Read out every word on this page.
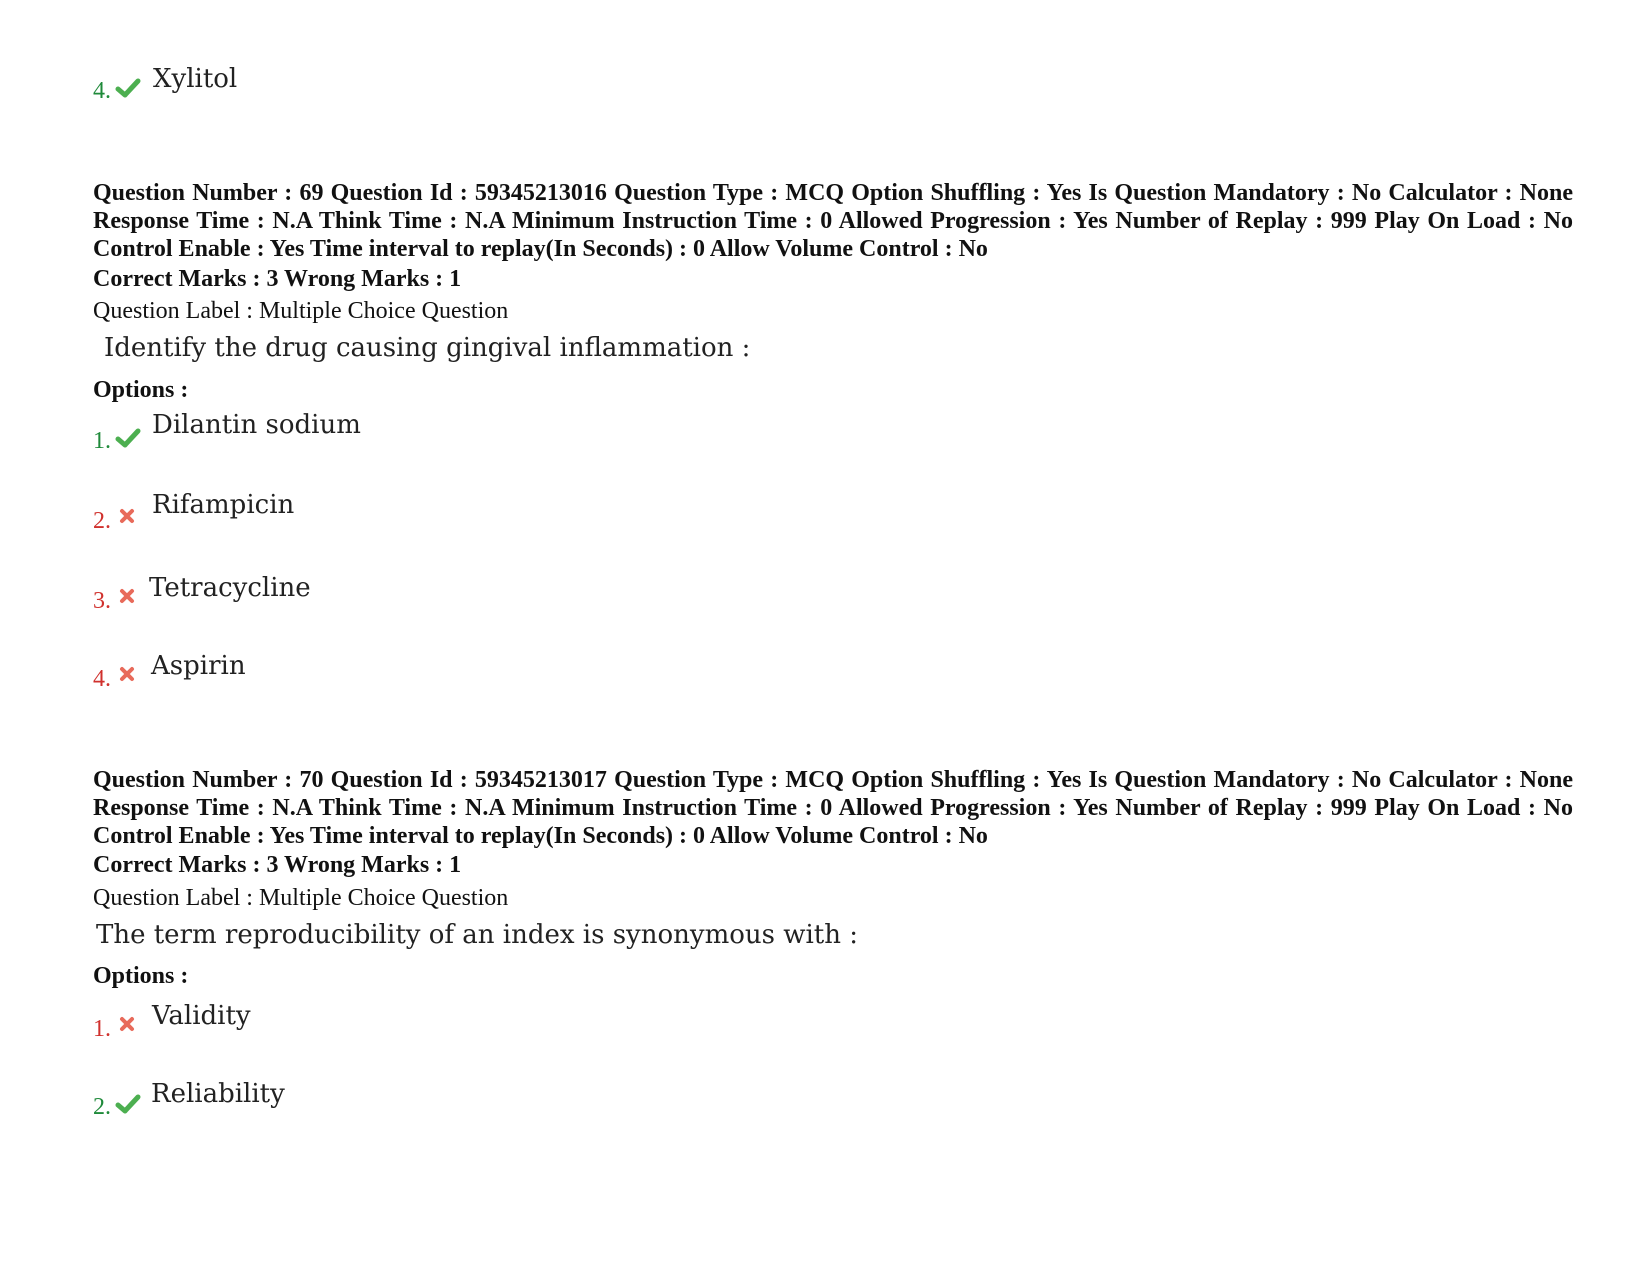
4. Xylitol
Question Number : 69 Question Id : 59345213016 Question Type : MCQ Option Shuffling : Yes Is Question Mandatory : No Calculator : None Response Time : N.A Think Time : N.A Minimum Instruction Time : 0 Allowed Progression : Yes Number of Replay : 999 Play On Load : No Control Enable : Yes Time interval to replay(In Seconds) : 0 Allow Volume Control : No
Correct Marks : 3 Wrong Marks : 1
Question Label : Multiple Choice Question
Identify the drug causing gingival inflammation :
Options :
1.
Dilantin sodium
2.
Rifampicin
3. Tetracycline
4. Aspirin
Question Number : 70 Question Id : 59345213017 Question Type : MCQ Option Shuffling : Yes Is Question Mandatory : No Calculator : None Response Time : N.A Think Time : N.A Minimum Instruction Time : 0 Allowed Progression : Yes Number of Replay : 999 Play On Load : No Control Enable : Yes Time interval to replay(In Seconds) : 0 Allow Volume Control : No
Correct Marks : 3 Wrong Marks : 1
Question Label : Multiple Choice Question
The term reproducibility of an index is synonymous with :
Options :
1. Validity
2. Reliability
